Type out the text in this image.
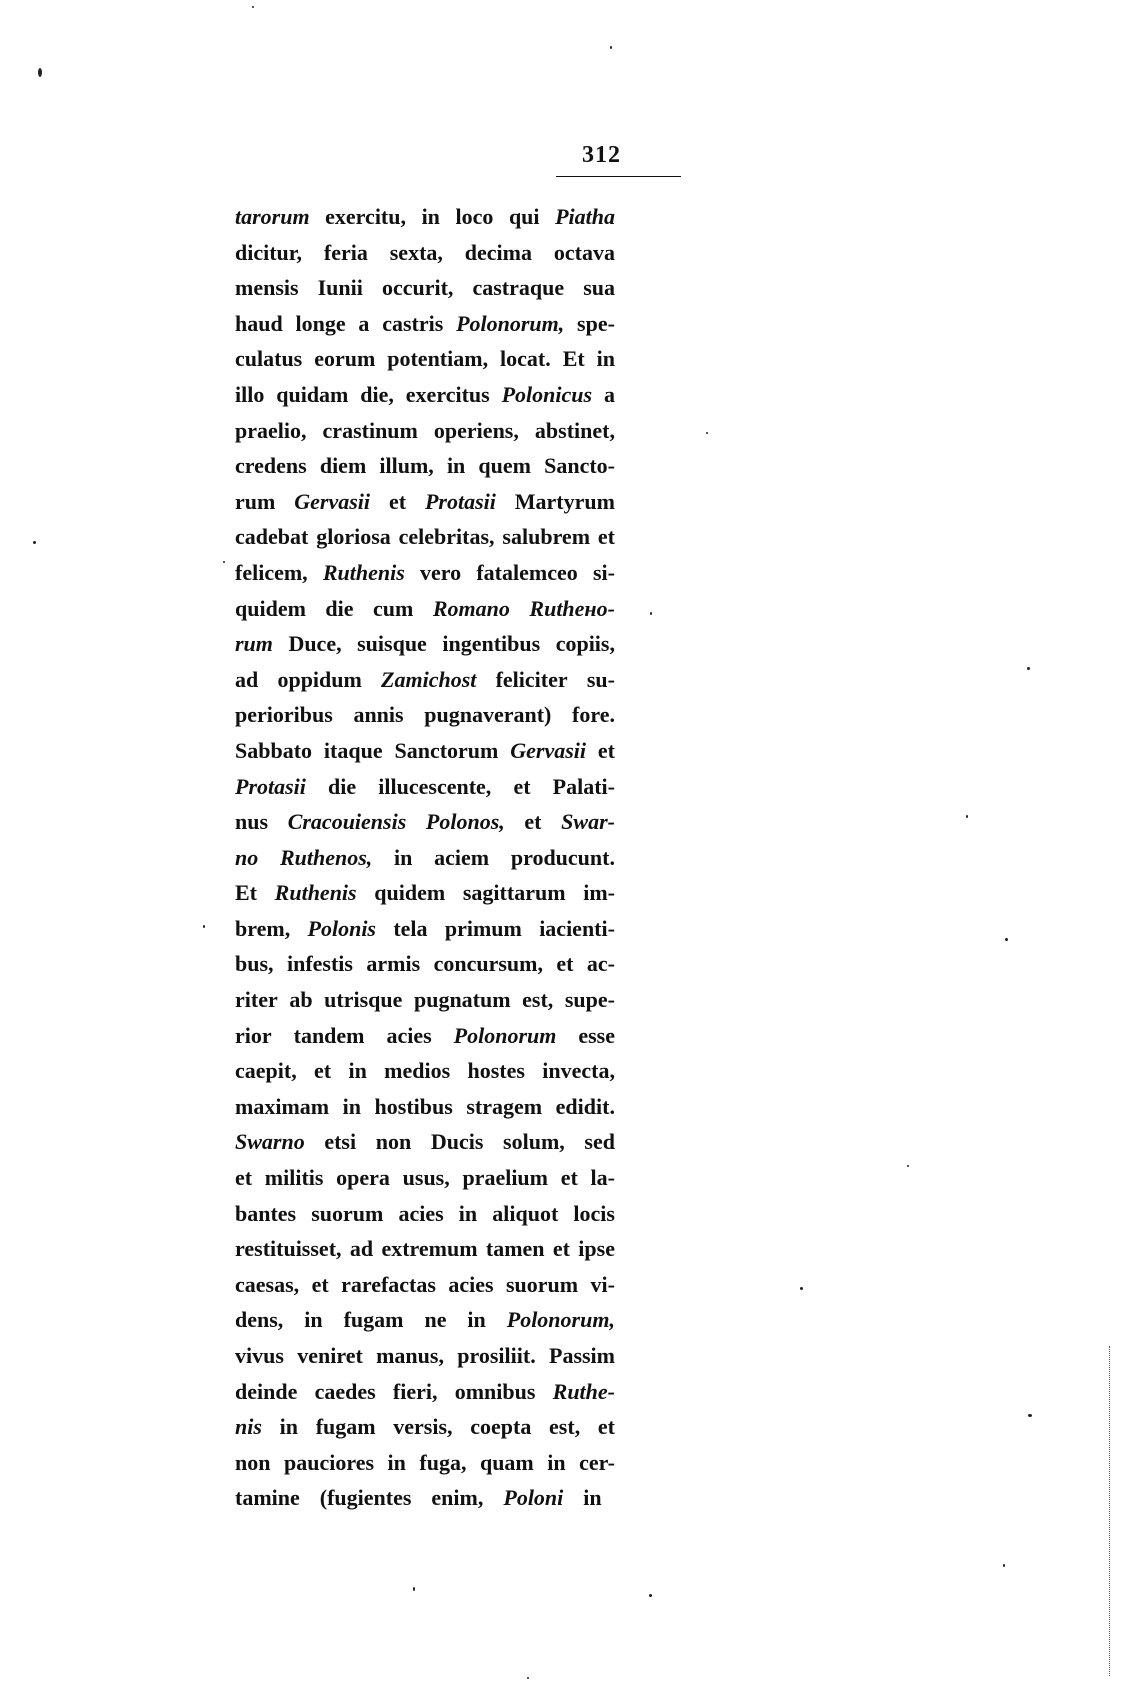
312
tarorum exercitu, in loco qui Piatha
dicitur, feria sexta, decima octava
mensis Iunii occurit, castraque sua
haud longe a castris Polonorum, spe-
culatus eorum potentiam, locat. Et in
illo quidam die, exercitus Polonicus a
praelio, crastinum operiens, abstinet,
credens diem illum, in quem Sancto-
rum Gervasii et Protasii Martyrum
cadebat gloriosa celebritas, salubrem et
felicem, Ruthenis vero fatalemceo si-
quidem die cum Romano Ruthено-
rum Duce, suisque ingentibus copiis,
ad oppidum Zamichost feliciter su-
perioribus annis pugnaverant) fore.
Sabbato itaque Sanctorum Gervasii et
Protasii die illucescente, et Palati-
nus Cracouiensis Polonos, et Swar-
no Ruthenos, in aciem producunt.
Et Ruthenis quidem sagittarum im-
brem, Polonis tela primum iacienti-
bus, infestis armis concursum, et ac-
riter ab utrisque pugnatum est, supe-
rior tandem acies Polonorum esse
caepit, et in medios hostes invecta,
maximam in hostibus stragem edidit.
Swarno etsi non Ducis solum, sed
et militis opera usus, praelium et la-
bantes suorum acies in aliquot locis
restituisset, ad extremum tamen et ipse
caesas, et rarefactas acies suorum vi-
dens, in fugam ne in Polonorum,
vivus veniret manus, prosiliit. Passim
deinde caedes fieri, omnibus Ruthe-
nis in fugam versis, coepta est, et
non pauciores in fuga, quam in cer-
tamine (fugientes enim, Poloni in
